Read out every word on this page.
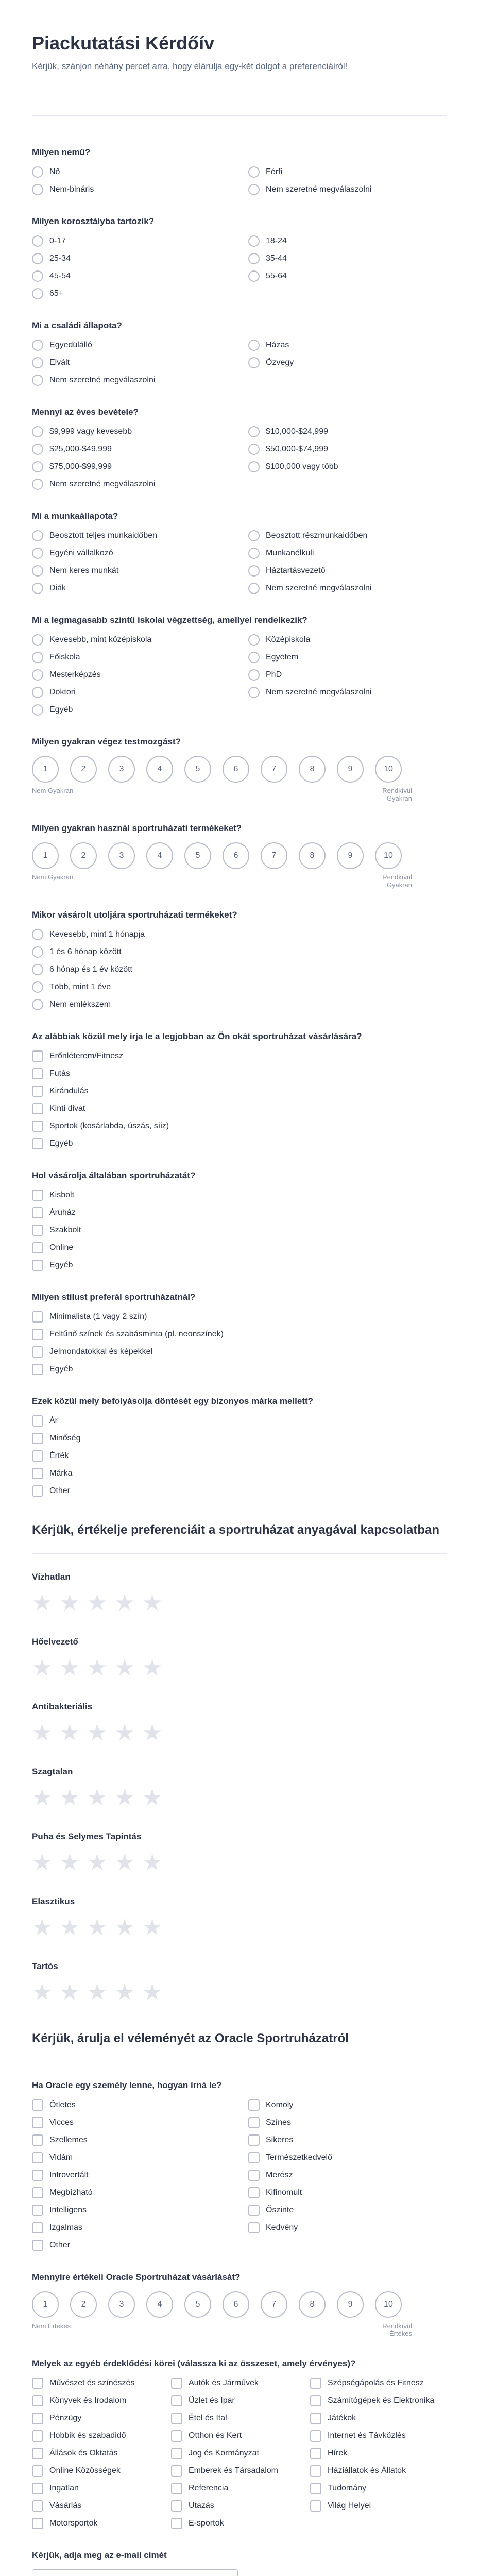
Piackutatási Kérdőív
Kérjük, szánjon néhány percet arra, hogy elárulja egy-két dolgot a preferenciáiról!
Milyen nemű?
Nő	Férfi
Nem-bináris	Nem szeretné megválaszolni
Milyen korosztályba tartozik?
0-17	18-24
25-34	35-44
45-54	55-64
65+
Mi a családi állapota?
Egyedülálló	Házas
Elvált	Özvegy
Nem szeretné megválaszolni
Mennyi az éves bevétele?
$9,999 vagy kevesebb	$10,000-$24,999
$25,000-$49,999	$50,000-$74,999
$75,000-$99,999	$100,000 vagy több
Nem szeretné megválaszolni
Mi a munkaállapota?
Beosztott teljes munkaidőben	Beosztott részmunkaidőben
Egyéni vállalkozó	Munkanélküli
Nem keres munkát	Háztartásvezető
Diák	Nem szeretné megválaszolni
Mi a legmagasabb szintű iskolai végzettség, amellyel rendelkezik?
Kevesebb, mint középiskola	Középiskola
Főiskola	Egyetem
Mesterképzés	PhD
Doktori	Nem szeretné megválaszolni
Egyéb
Milyen gyakran végez testmozgást?
1	2	3	4	5	6	7	8	9	10
Nem Gyakran	Rendkívül Gyakran
Milyen gyakran használ sportruházati termékeket?
1	2	3	4	5	6	7	8	9	10
Nem Gyakran	Rendkívül Gyakran
Mikor vásárolt utoljára sportruházati termékeket?
Kevesebb, mint 1 hónapja
1 és 6 hónap között
6 hónap és 1 év között
Több, mint 1 éve
Nem emlékszem
Az alábbiak közül mely írja le a legjobban az Ön okát sportruházat vásárlására?
Erőnléterem/Fitnesz
Futás
Kirándulás
Kinti divat
Sportok (kosárlabda, úszás, síiz)
Egyéb
Hol vásárolja általában sportruházatát?
Kisbolt
Áruház
Szakbolt
Online
Egyéb
Milyen stílust preferál sportruházatnál?
Minimalista (1 vagy 2 szín)
Feltűnő színek és szabásminta (pl. neonszínek)
Jelmondatokkal és képekkel
Egyéb
Ezek közül mely befolyásolja döntését egy bizonyos márka mellett?
Ár
Minőség
Érték
Márka
Other
Kérjük, értékelje preferenciáit a sportruházat anyagával kapcsolatban
Vízhatlan
★ ★ ★ ★ ★
Hőelvezető
★ ★ ★ ★ ★
Antibakteriális
★ ★ ★ ★ ★
Szagtalan
★ ★ ★ ★ ★
Puha és Selymes Tapintás
★ ★ ★ ★ ★
Elasztikus
★ ★ ★ ★ ★
Tartós
★ ★ ★ ★ ★
Kérjük, árulja el véleményét az Oracle Sportruházatról
Ha Oracle egy személy lenne, hogyan írná le?
Ötletes	Komoly
Vicces	Színes
Szellemes	Sikeres
Vidám	Természetkedvelő
Introvertált	Merész
Megbízható	Kifinomult
Intelligens	Őszinte
Izgalmas	Kedvény
Other
Mennyire értékeli Oracle Sportruházat vásárlását?
1	2	3	4	5	6	7	8	9	10
Nem Értékes	Rendkívül Értékes
Melyek az egyéb érdeklődési körei (válassza ki az összeset, amely érvényes)?
Művészet és színészés	Autók és Járművek	Szépségápolás és Fitnesz
Könyvek és Irodalom	Üzlet és Ipar	Számítógépek és Elektronika
Pénzügy	Étel és Ital	Játékok
Hobbik és szabadidő	Otthon és Kert	Internet és Távközlés
Állások és Oktatás	Jog és Kormányzat	Hírek
Online Közösségek	Emberek és Társadalom	Háziállatok és Állatok
Ingatlan	Referencia	Tudomány
Vásárlás	Utazás	Világ Helyei
Motorsportok	E-sportok
Kérjük, adja meg az e-mail címét
